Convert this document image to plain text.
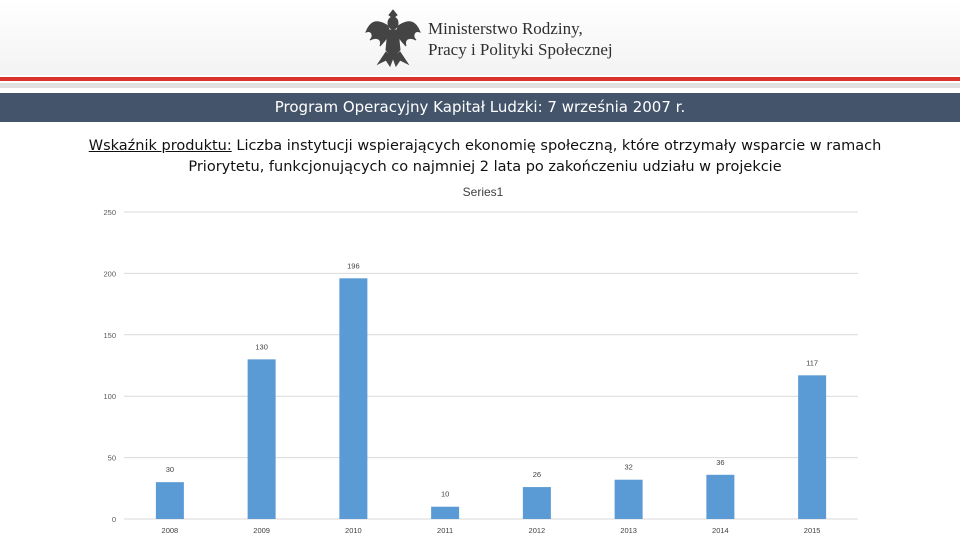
Ministerstwo Rodziny,
Pracy i Polityki Społecznej
Program Operacyjny Kapitał Ludzki: 7 września 2007 r.
Wskaźnik produktu: Liczba instytucji wspierających ekonomię społeczną, które otrzymały wsparcie w ramach Priorytetu, funkcjonujących co najmniej 2 lata po zakończeniu udziału w projekcie
Series1
0
50
100
150
200
250
30
2008
130
2009
196
2010
10
2011
26
2012
32
2013
36
2014
117
2015
